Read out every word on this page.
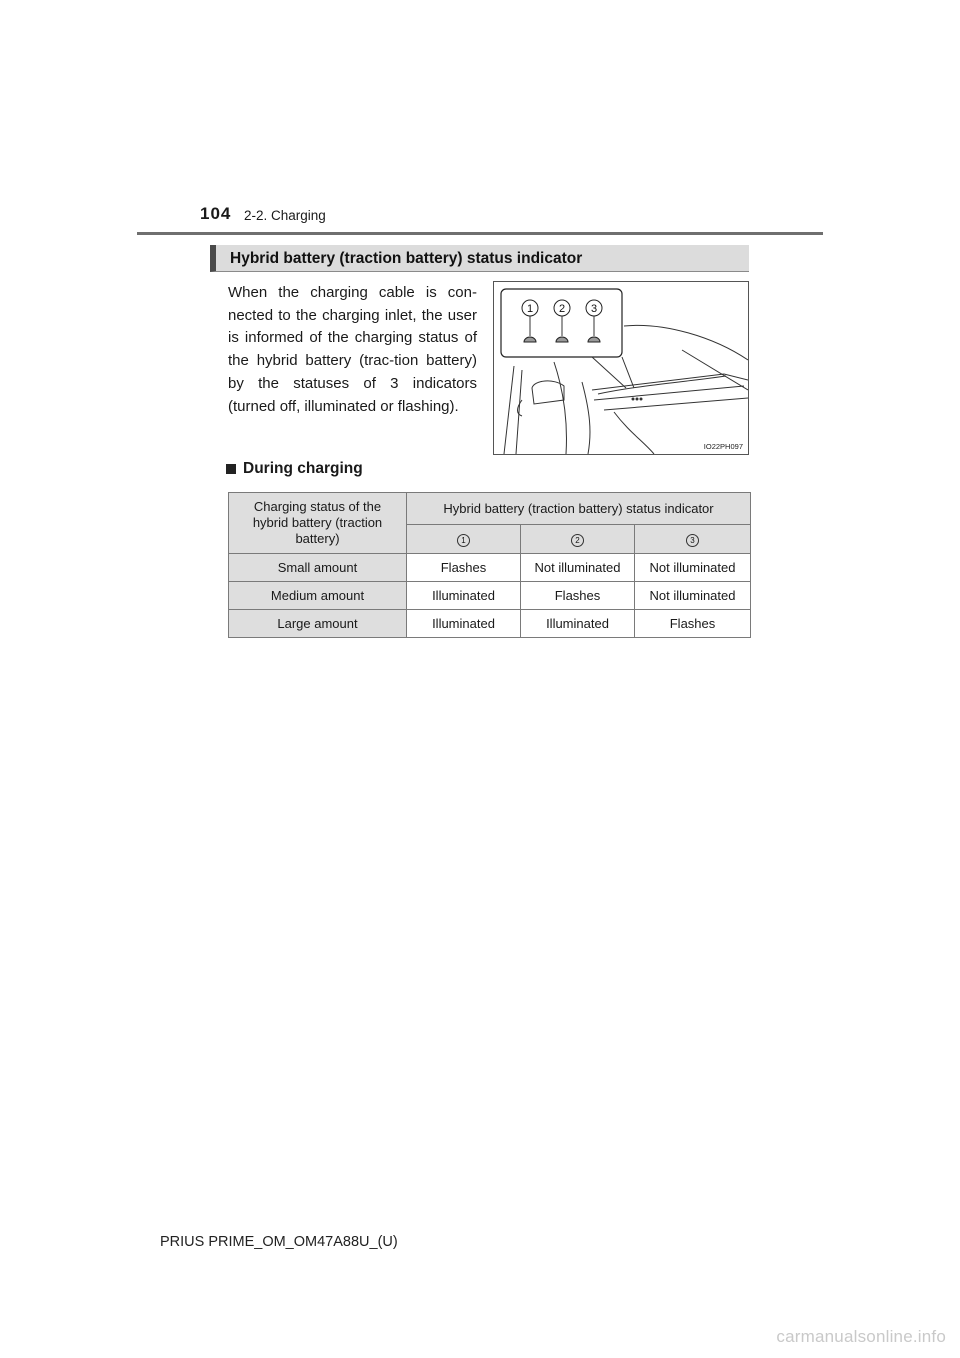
104 2-2. Charging
Hybrid battery (traction battery) status indicator

When the charging cable is con-nected to the charging inlet, the user is informed of the charging status of the hybrid battery (trac-tion battery) by the statuses of 3 indicators (turned off, illuminated or flashing).

1 2 3
IO22PH097
During charging
Charging status of the hybrid battery (traction battery)	Hybrid battery (traction battery) status indicator		
	1	2	3
Small amount	Flashes	Not illuminated	Not illuminated
Medium amount	Illuminated	Flashes	Not illuminated
Large amount	Illuminated	Illuminated	Flashes
PRIUS PRIME_OM_OM47A88U_(U)
carmanualsonline.info
